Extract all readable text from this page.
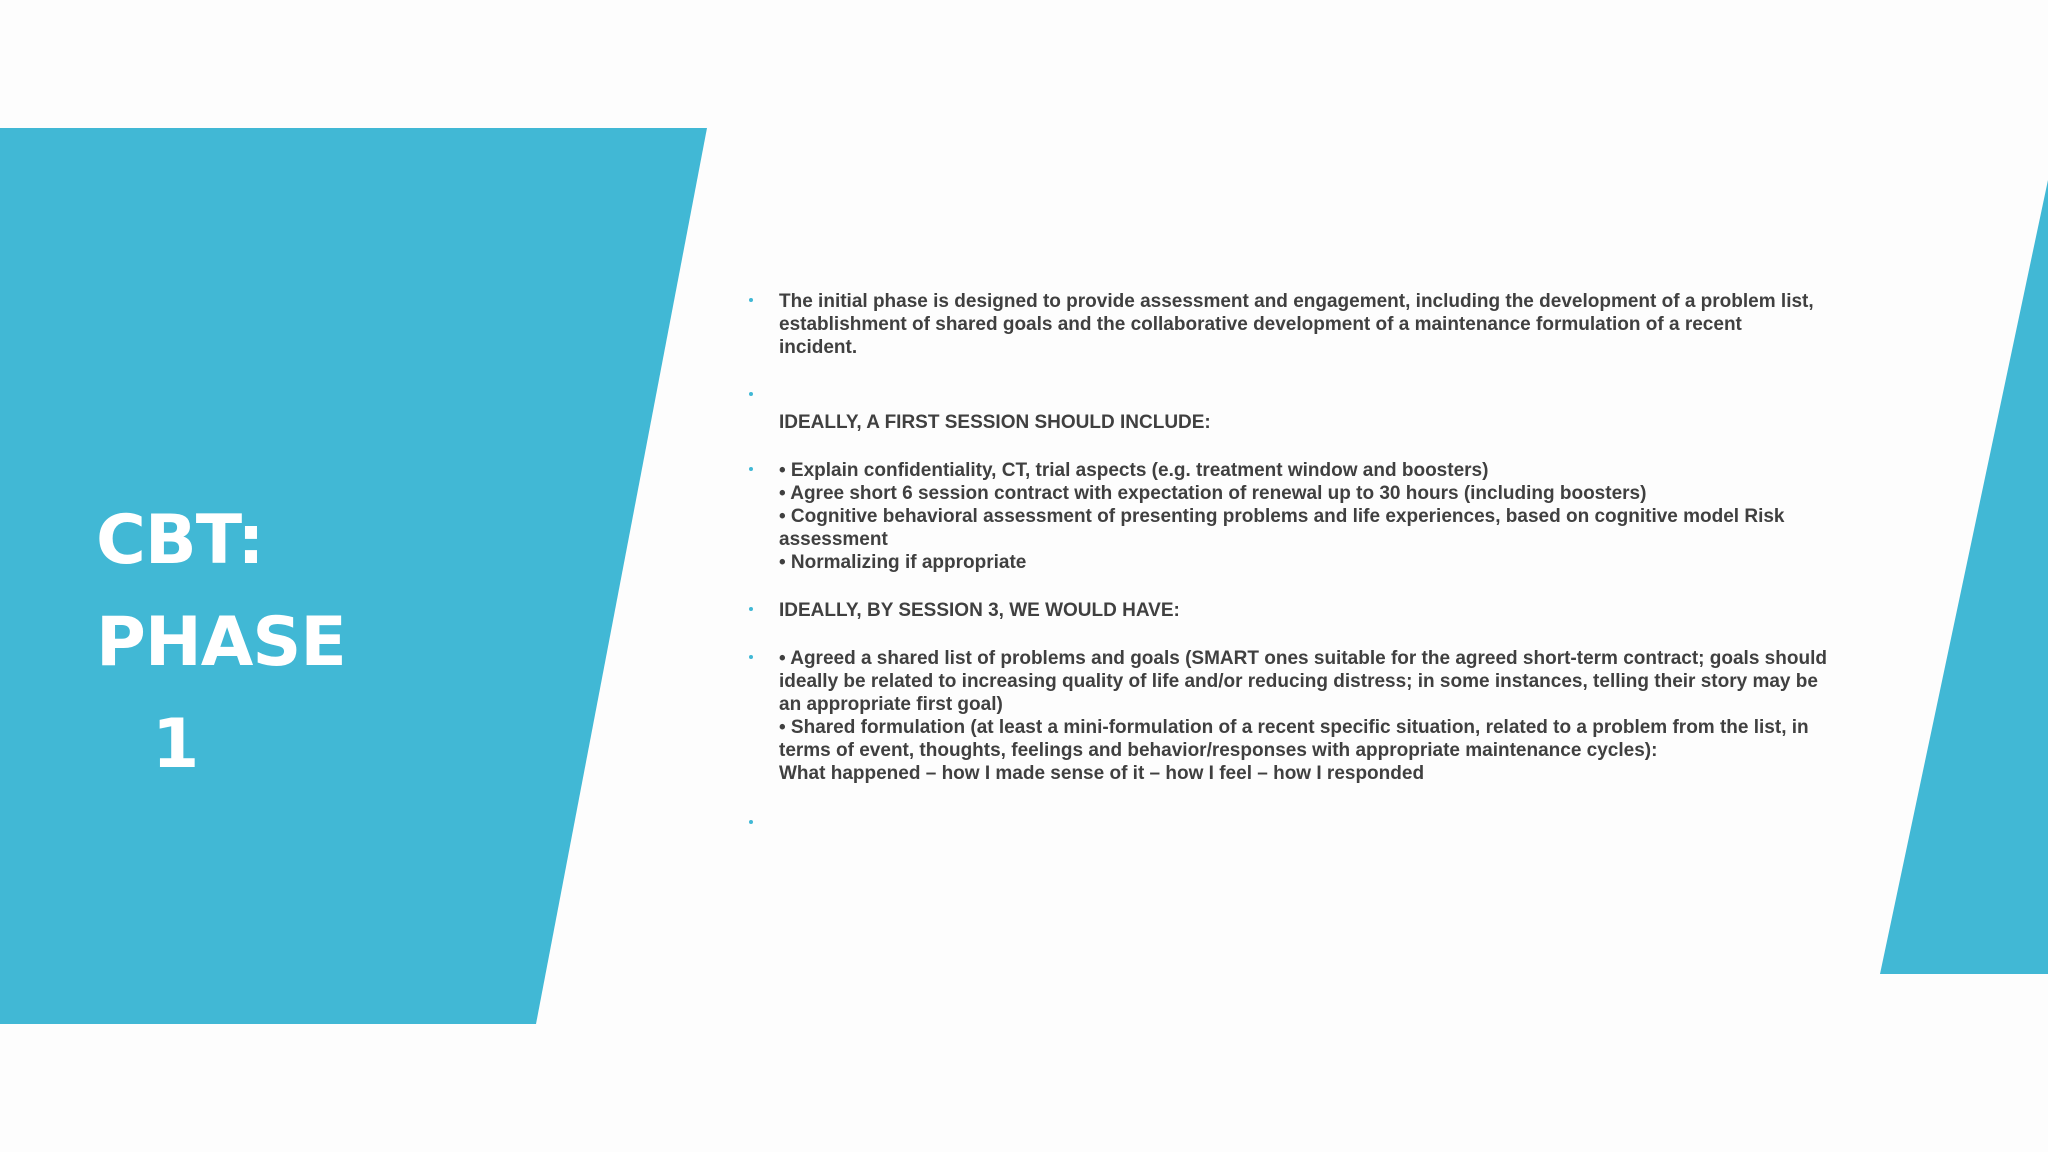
CBT: PHASE
1
The initial phase is designed to provide assessment and engagement, including the development of a problem list,
establishment of shared goals and the collaborative development of a maintenance formulation of a recent
incident.

IDEALLY, A FIRST SESSION SHOULD INCLUDE:
• Explain confidentiality, CT, trial aspects (e.g. treatment window and boosters)
• Agree short 6 session contract with expectation of renewal up to 30 hours (including boosters)
• Cognitive behavioral assessment of presenting problems and life experiences, based on cognitive model Risk
assessment
• Normalizing if appropriate
IDEALLY, BY SESSION 3, WE WOULD HAVE:
• Agreed a shared list of problems and goals (SMART ones suitable for the agreed short-term contract; goals should
ideally be related to increasing quality of life and/or reducing distress; in some instances, telling their story may be
an appropriate first goal)
• Shared formulation (at least a mini-formulation of a recent specific situation, related to a problem from the list, in
terms of event, thoughts, feelings and behavior/responses with appropriate maintenance cycles):
What happened – how I made sense of it – how I feel – how I responded
